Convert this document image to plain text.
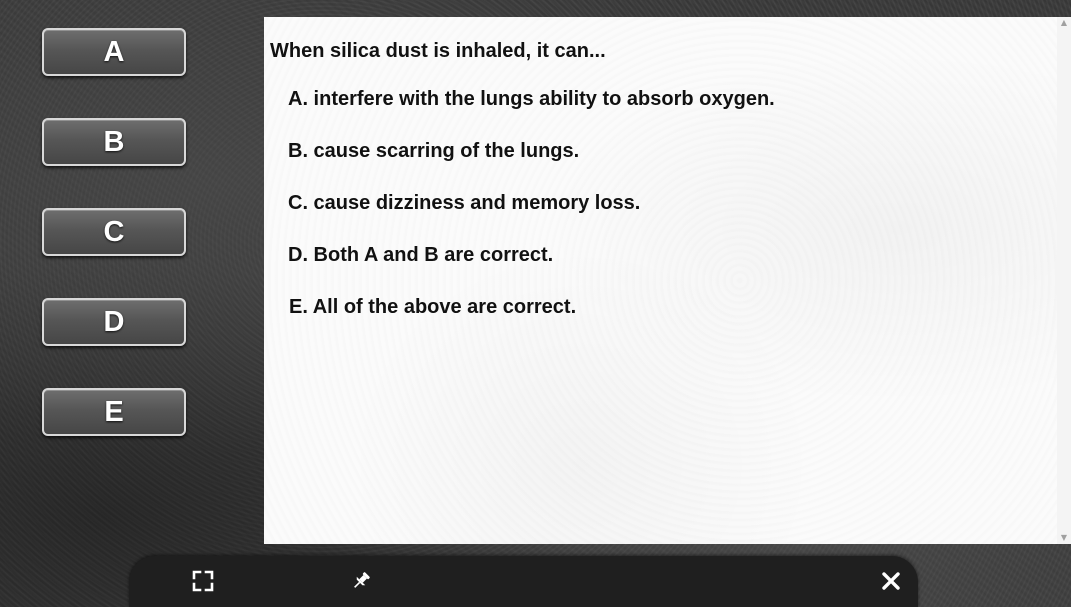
A
B
C
D
E

When silica dust is inhaled, it can...

A. interfere with the lungs ability to absorb oxygen.

B. cause scarring of the lungs.

C. cause dizziness and memory loss.

D. Both A and B are correct.

E. All of the above are correct.

▲
▼
